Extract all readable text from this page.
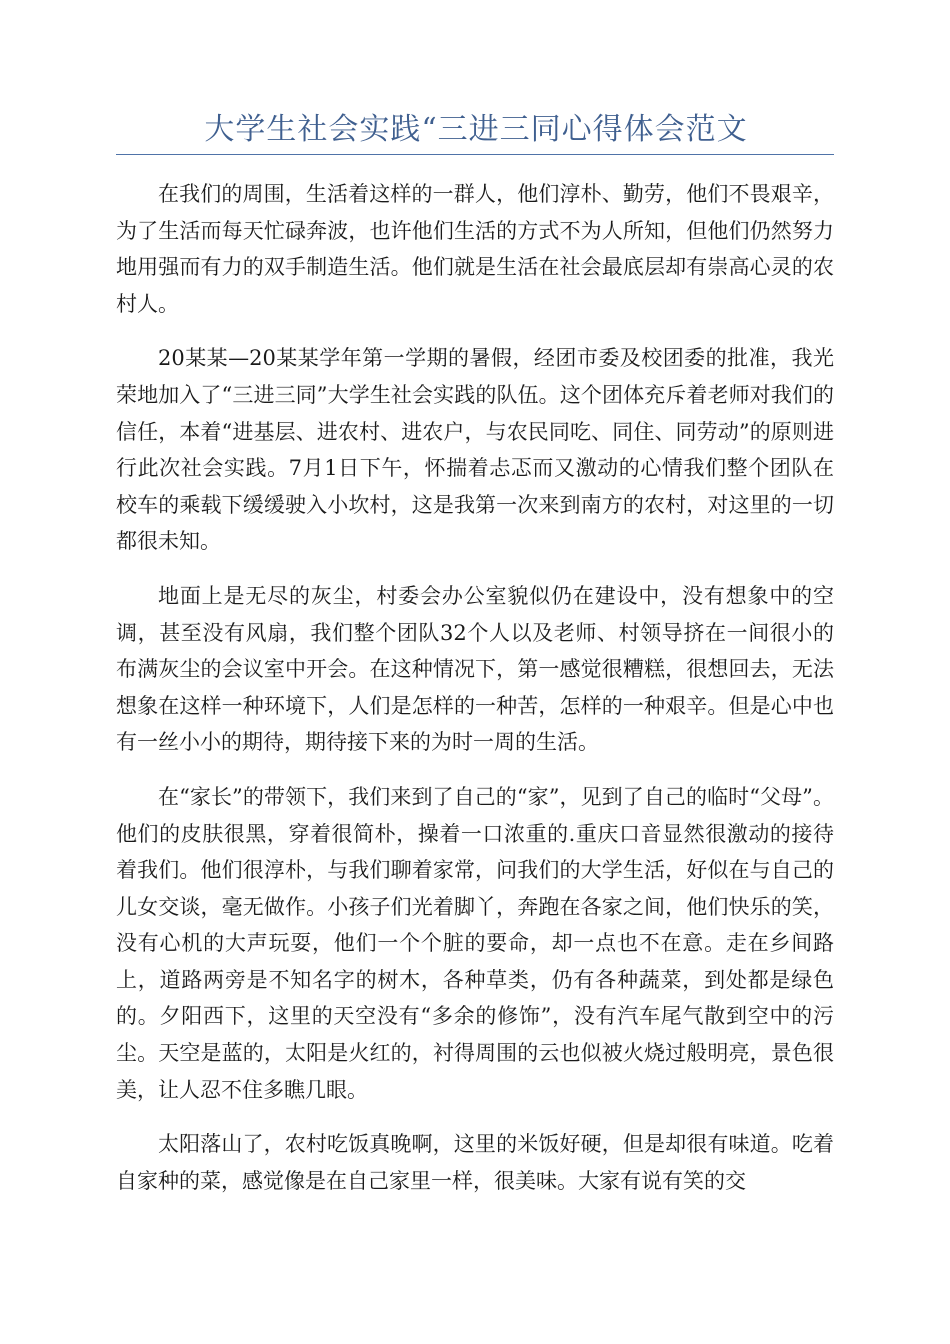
大学生社会实践“三进三同心得体会范文

在我们的周围，生活着这样的一群人，他们淳朴、勤劳，他们不畏艰辛，为了生活而每天忙碌奔波，也许他们生活的方式不为人所知，但他们仍然努力地用强而有力的双手制造生活。他们就是生活在社会最底层却有崇高心灵的农村人。

20某某—20某某学年第一学期的暑假，经团市委及校团委的批准，我光荣地加入了“三进三同”大学生社会实践的队伍。这个团体充斥着老师对我们的信任，本着“进基层、进农村、进农户，与农民同吃、同住、同劳动”的原则进行此次社会实践。7月1日下午，怀揣着忐忑而又激动的心情我们整个团队在校车的乘载下缓缓驶入小坎村，这是我第一次来到南方的农村，对这里的一切都很未知。

地面上是无尽的灰尘，村委会办公室貌似仍在建设中，没有想象中的空调，甚至没有风扇，我们整个团队32个人以及老师、村领导挤在一间很小的布满灰尘的会议室中开会。在这种情况下，第一感觉很糟糕，很想回去，无法想象在这样一种环境下，人们是怎样的一种苦，怎样的一种艰辛。但是心中也有一丝小小的期待，期待接下来的为时一周的生活。

在“家长”的带领下，我们来到了自己的“家”，见到了自己的临时“父母”。他们的皮肤很黑，穿着很简朴，操着一口浓重的.重庆口音显然很激动的接待着我们。他们很淳朴，与我们聊着家常，问我们的大学生活，好似在与自己的儿女交谈，毫无做作。小孩子们光着脚丫，奔跑在各家之间，他们快乐的笑，没有心机的大声玩耍，他们一个个脏的要命，却一点也不在意。走在乡间路上，道路两旁是不知名字的树木，各种草类，仍有各种蔬菜，到处都是绿色的。夕阳西下，这里的天空没有“多余的修饰”，没有汽车尾气散到空中的污尘。天空是蓝的，太阳是火红的，衬得周围的云也似被火烧过般明亮，景色很美，让人忍不住多瞧几眼。

太阳落山了，农村吃饭真晚啊，这里的米饭好硬，但是却很有味道。吃着自家种的菜，感觉像是在自己家里一样，很美味。大家有说有笑的交
